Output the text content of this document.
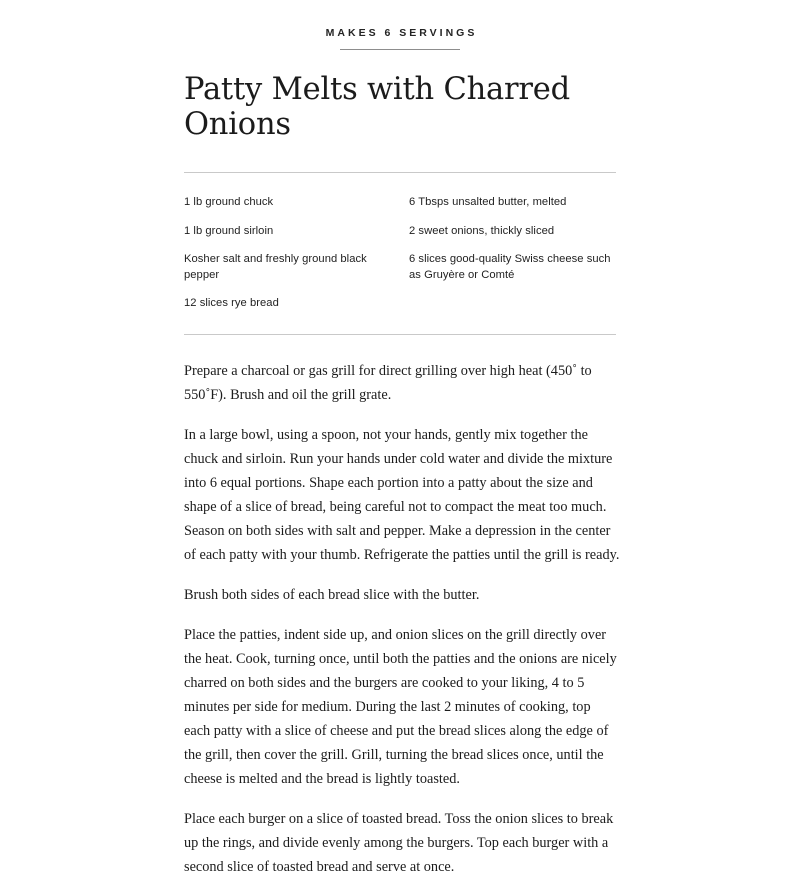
MAKES 6 SERVINGS
Patty Melts with Charred Onions
1 lb ground chuck
1 lb ground sirloin
Kosher salt and freshly ground black pepper
12 slices rye bread
6 Tbsps unsalted butter, melted
2 sweet onions, thickly sliced
6 slices good-quality Swiss cheese such as Gruyère or Comté

Prepare a charcoal or gas grill for direct grilling over high heat (450˚ to 550˚F). Brush and oil the grill grate.

In a large bowl, using a spoon, not your hands, gently mix together the chuck and sirloin. Run your hands under cold water and divide the mixture into 6 equal portions. Shape each portion into a patty about the size and shape of a slice of bread, being careful not to compact the meat too much. Season on both sides with salt and pepper. Make a depression in the center of each patty with your thumb. Refrigerate the patties until the grill is ready.

Brush both sides of each bread slice with the butter.

Place the patties, indent side up, and onion slices on the grill directly over the heat. Cook, turning once, until both the patties and the onions are nicely charred on both sides and the burgers are cooked to your liking, 4 to 5 minutes per side for medium. During the last 2 minutes of cooking, top each patty with a slice of cheese and put the bread slices along the edge of the grill, then cover the grill. Grill, turning the bread slices once, until the cheese is melted and the bread is lightly toasted.

Place each burger on a slice of toasted bread. Toss the onion slices to break up the rings, and divide evenly among the burgers. Top each burger with a second slice of toasted bread and serve at once.
